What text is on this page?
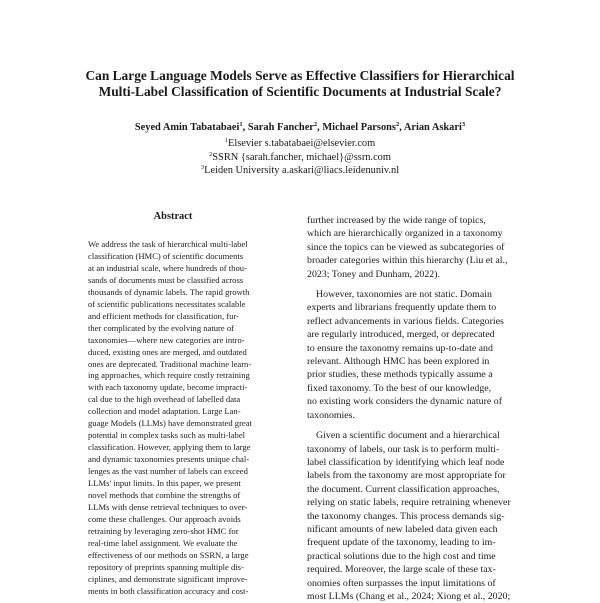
Can Large Language Models Serve as Effective Classifiers for Hierarchical
Multi-Label Classification of Scientific Documents at Industrial Scale?
Seyed Amin Tabatabaei$^1$, Sarah Fancher$^2$, Michael Parsons$^2$, Arian Askari$^3$
$^1$Elsevier s.tabatabaei@elsevier.com
$^2$SSRN {sarah.fancher, michael}@ssrn.com
$^3$Leiden University a.askari@liacs.leidenuniv.nl
Abstract
We address the task of hierarchical multi-label
classification (HMC) of scientific documents
at an industrial scale, where hundreds of thou-
sands of documents must be classified across
thousands of dynamic labels. The rapid growth
of scientific publications necessitates scalable
and efficient methods for classification, fur-
ther complicated by the evolving nature of
taxonomies—where new categories are intro-
duced, existing ones are merged, and outdated
ones are deprecated. Traditional machine learn-
ing approaches, which require costly retraining
with each taxonomy update, become impracti-
cal due to the high overhead of labelled data
collection and model adaptation. Large Lan-
guage Models (LLMs) have demonstrated great
potential in complex tasks such as multi-label
classification. However, applying them to large
and dynamic taxonomies presents unique chal-
lenges as the vast number of labels can exceed
LLMs' input limits. In this paper, we present
novel methods that combine the strengths of
LLMs with dense retrieval techniques to over-
come these challenges. Our approach avoids
retraining by leveraging zero-shot HMC for
real-time label assignment. We evaluate the
effectiveness of our methods on SSRN, a large
repository of preprints spanning multiple dis-
ciplines, and demonstrate significant improve-
ments in both classification accuracy and cost-
further increased by the wide range of topics,
which are hierarchically organized in a taxonomy
since the topics can be viewed as subcategories of
broader categories within this hierarchy (Liu et al.,
2023; Toney and Dunham, 2022).
However, taxonomies are not static. Domain
experts and librarians frequently update them to
reflect advancements in various fields. Categories
are regularly introduced, merged, or deprecated
to ensure the taxonomy remains up-to-date and
relevant. Although HMC has been explored in
prior studies, these methods typically assume a
fixed taxonomy. To the best of our knowledge,
no existing work considers the dynamic nature of
taxonomies.
Given a scientific document and a hierarchical
taxonomy of labels, our task is to perform multi-
label classification by identifying which leaf node
labels from the taxonomy are most appropriate for
the document. Current classification approaches,
relying on static labels, require retraining whenever
the taxonomy changes. This process demands sig-
nificant amounts of new labeled data given each
frequent update of the taxonomy, leading to im-
practical solutions due to the high cost and time
required. Moreover, the large scale of these tax-
onomies often surpasses the input limitations of
most LLMs (Chang et al., 2024; Xiong et al., 2020;
